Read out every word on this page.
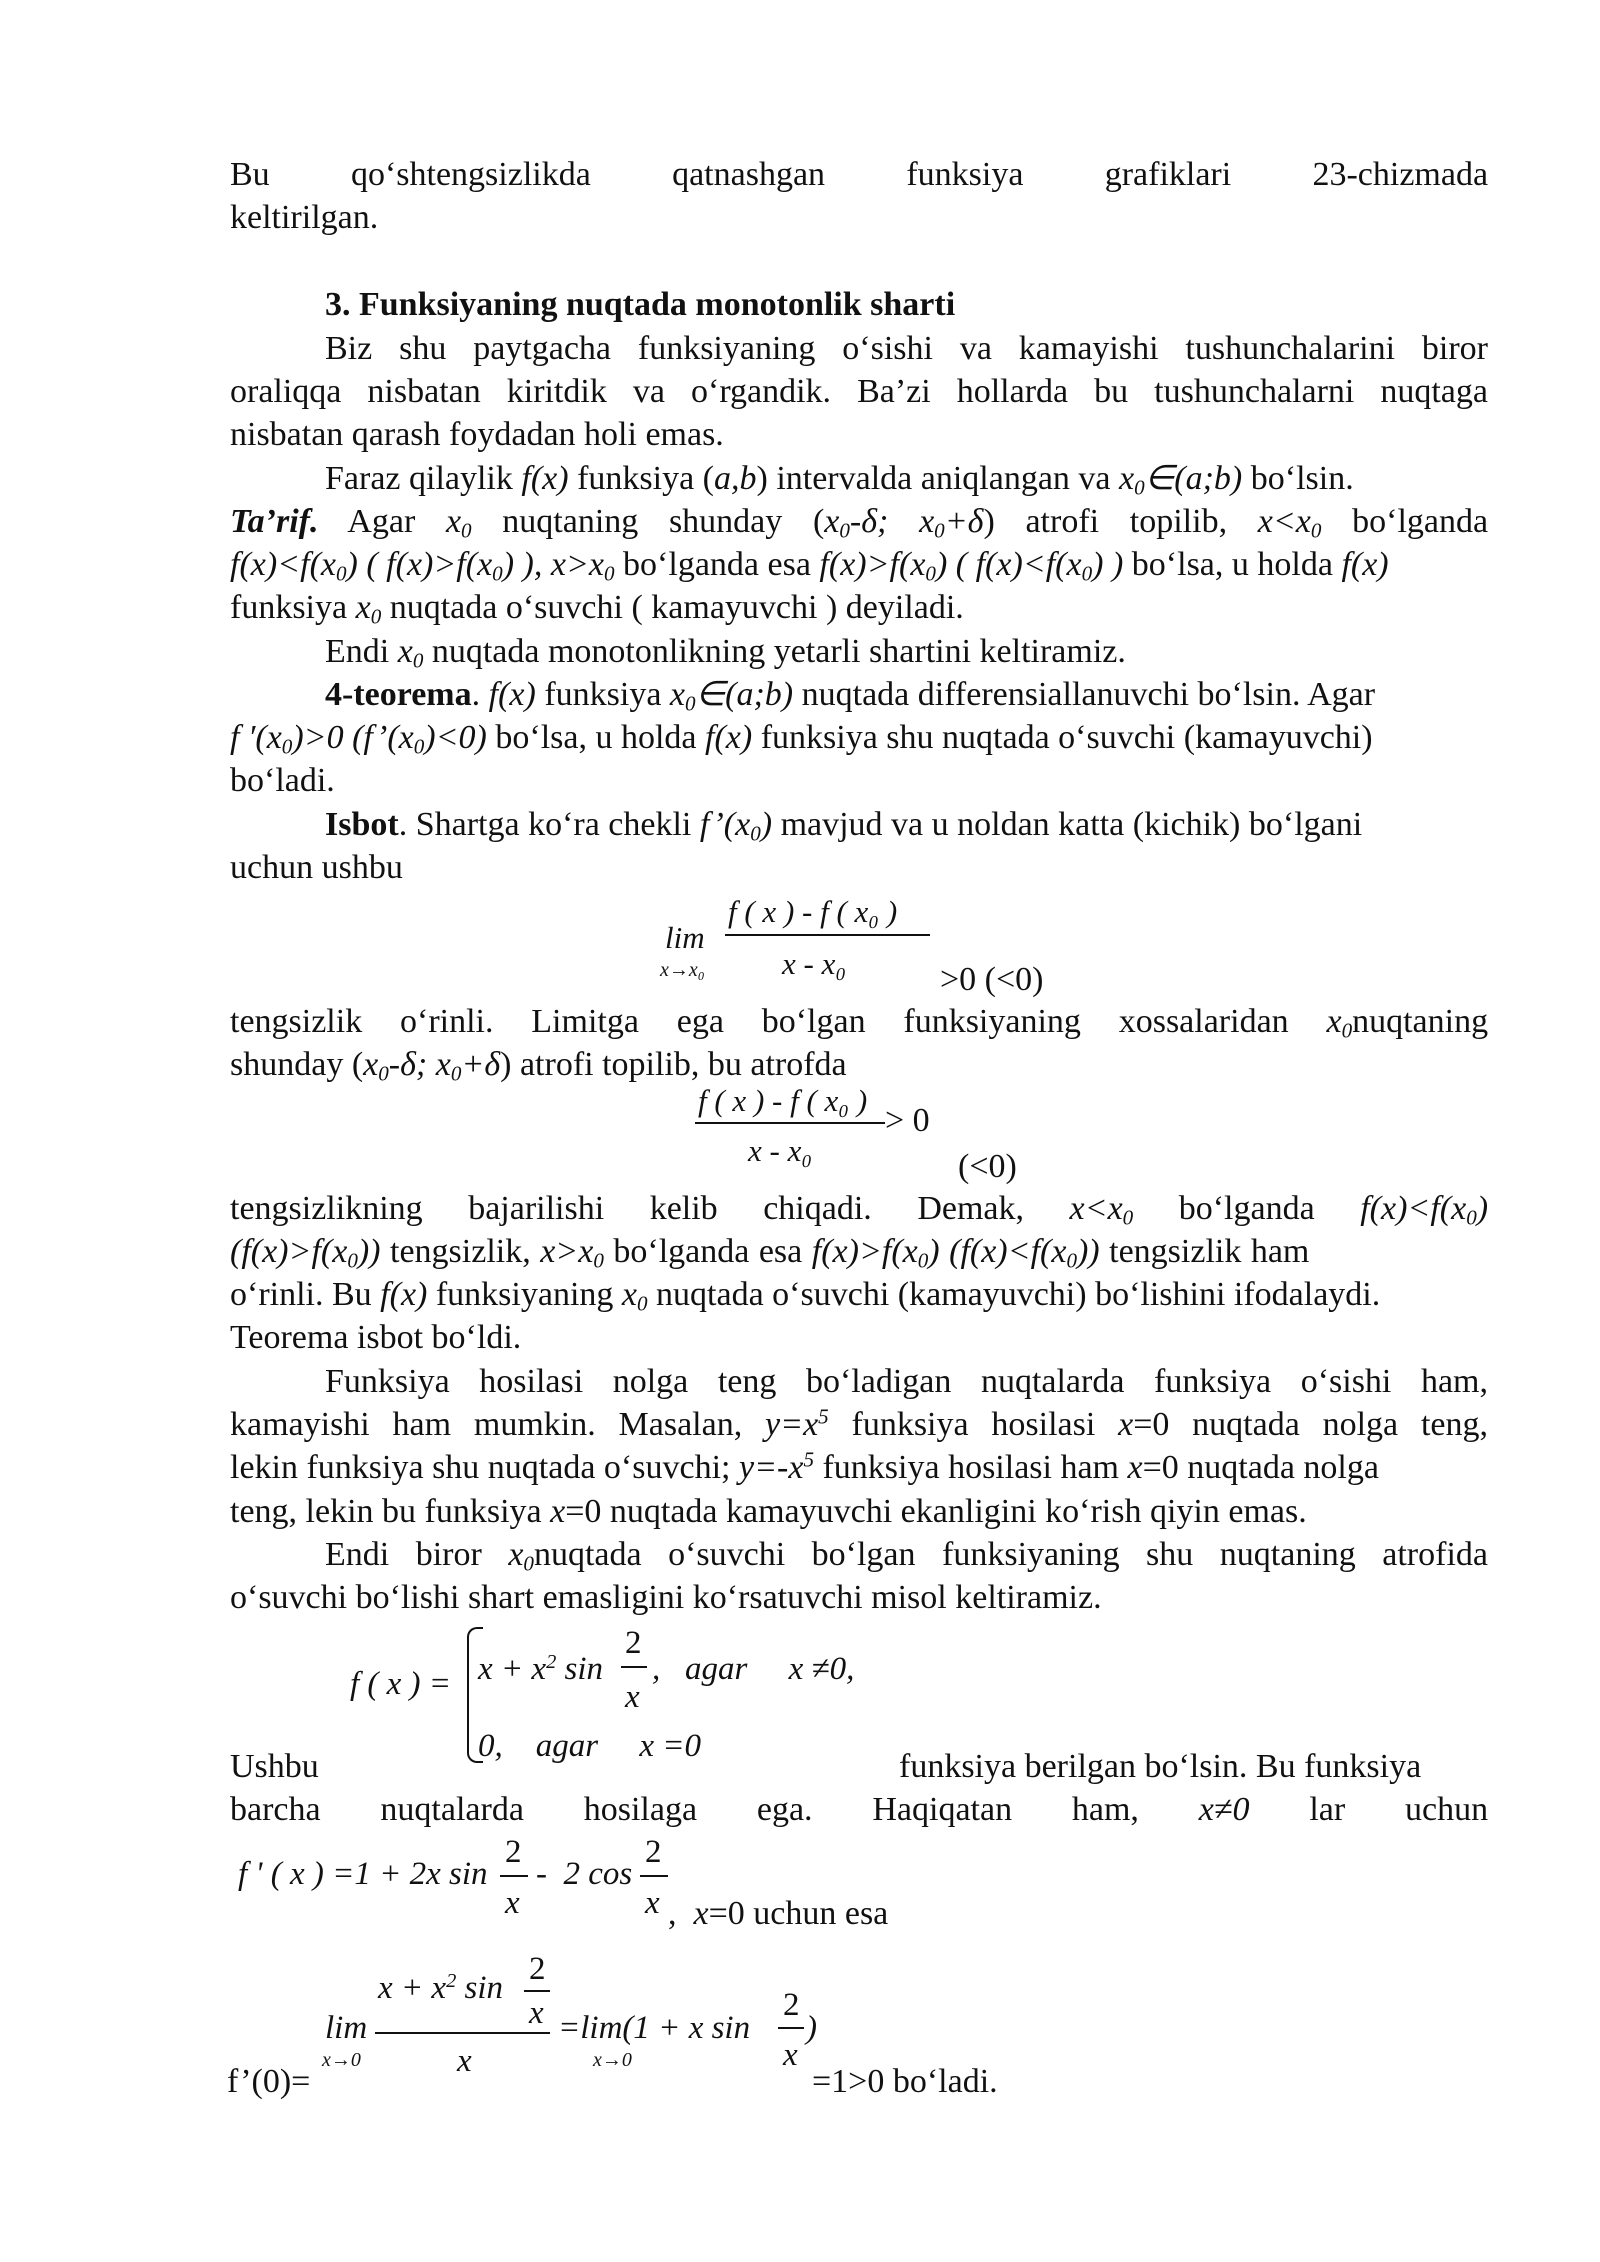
Bu qo‘shtengsizlikda qatnashgan funksiya grafiklari 23-chizmada
keltirilgan.
3. Funksiyaning nuqtada monotonlik sharti
Biz shu paytgacha funksiyaning o‘sishi va kamayishi tushunchalarini biror
oraliqqa nisbatan kiritdik va o‘rgandik. Ba’zi hollarda bu tushunchalarni nuqtaga
nisbatan qarash foydadan holi emas.
Faraz qilaylik f(x) funksiya (a,b) intervalda aniqlangan va $x_0\in(a;b)$ bo‘lsin.
Ta’rif. Agar $x_0$ nuqtaning shunday ($x_0-\delta$; $x_0+\delta$) atrofi topilib, $x<x_0$ bo‘lganda
$f(x)<f(x_0)$ ( $f(x)>f(x_0)$ ), $x>x_0$ bo‘lganda esa $f(x)>f(x_0)$ ( $f(x)<f(x_0)$ ) bo‘lsa, u holda f(x)
funksiya $x_0$ nuqtada o‘suvchi ( kamayuvchi ) deyiladi.
Endi $x_0$ nuqtada monotonlikning yetarli shartini keltiramiz.
4-teorema. f(x) funksiya $x_0\in(a;b)$ nuqtada differensiallanuvchi bo‘lsin. Agar
f $'(x_0)>0$ $(f’(x_0)<0)$ bo‘lsa, u holda f(x) funksiya shu nuqtada o‘suvchi (kamayuvchi)
bo‘ladi.
Isbot. Shartga ko‘ra chekli $f’(x_0)$ mavjud va u noldan katta (kichik) bo‘lgani
uchun ushbu
lim
x→x₀
f ( x ) - f ( x₀ )
x - x₀	>0 (<0)
tengsizlik o‘rinli. Limitga ega bo‘lgan funksiyaning xossalaridan $x_0nuqtaning$
shunday ($x_0-\delta$; $x_0+\delta$) atrofi topilib, bu atrofda
f ( x ) - f ( x₀ )
x - x₀
> 0
(<0)
tengsizlikning bajarilishi kelib chiqadi. Demak, $x<x_0$ bo‘lganda $f(x)<f(x_0)$
$(f(x)>f(x_0))$ tengsizlik, $x>x_0$ bo‘lganda esa $f(x)>f(x_0)$ $(f(x)<f(x_0))$ tengsizlik ham
o‘rinli. Bu f(x) funksiyaning $x_0$ nuqtada o‘suvchi (kamayuvchi) bo‘lishini ifodalaydi.
Teorema isbot bo‘ldi.
Funksiya hosilasi nolga teng bo‘ladigan nuqtalarda funksiya o‘sishi ham,
kamayishi ham mumkin. Masalan, $y=x^5$ funksiya hosilasi x=0 nuqtada nolga teng,
lekin funksiya shu nuqtada o‘suvchi; $y=-x^5$ funksiya hosilasi ham x=0 nuqtada nolga
teng, lekin bu funksiya x=0 nuqtada kamayuvchi ekanligini ko‘rish qiyin emas.
Endi biror $x_0nuqtada$ o‘suvchi bo‘lgan funksiyaning shu nuqtaning atrofida
o‘suvchi bo‘lishi shart emasligini ko‘rsatuvchi misol keltiramiz.
f ( x ) = $x + x^2$ sin
2
x
,   agar     x ≠0,
0,    agar     x =0
Ushbu	funksiya berilgan bo‘lsin. Bu funksiya
barcha nuqtalarda hosilaga ega. Haqiqatan ham, x≠0 lar uchun
f ' ( x ) =1 + 2x sin
2
x
-  2 cos
2
x ,  x=0 uchun esa
$x + x^2$ sin
2
x
lim
x→0	x
=lim(1 + x sin
x→0
2
x
)
f’(0)=	=1>0 bo‘ladi.
